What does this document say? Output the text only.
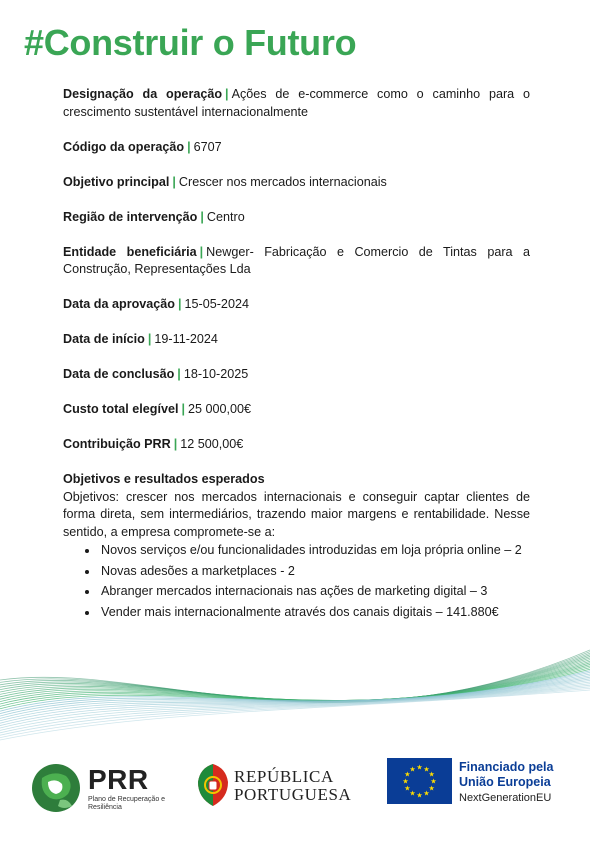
#Construir o Futuro
Designação da operação | Ações de e-commerce como o caminho para o crescimento sustentável internacionalmente
Código da operação | 6707
Objetivo principal | Crescer nos mercados internacionais
Região de intervenção | Centro
Entidade beneficiária | Newger- Fabricação e Comercio de Tintas para a Construção, Representações Lda
Data da aprovação | 15-05-2024
Data de início | 19-11-2024
Data de conclusão | 18-10-2025
Custo total elegível | 25 000,00€
Contribuição PRR | 12 500,00€
Objetivos e resultados esperados
Objetivos: crescer nos mercados internacionais e conseguir captar clientes de forma direta, sem intermediários, trazendo maior margens e rentabilidade. Nesse sentido, a empresa compromete-se a:
• Novos serviços e/ou funcionalidades introduzidas em loja própria online – 2
• Novas adesões a marketplaces - 2
• Abranger mercados internacionais nas ações de marketing digital – 3
• Vender mais internacionalmente através dos canais digitais – 141.880€
PRR
Plano de Recuperação e Resiliência
REPÚBLICA
PORTUGUESA
★ ★
★
★
★
★
★
★
★
★
★
★	Financiado pela
União Europeia
NextGenerationEU
